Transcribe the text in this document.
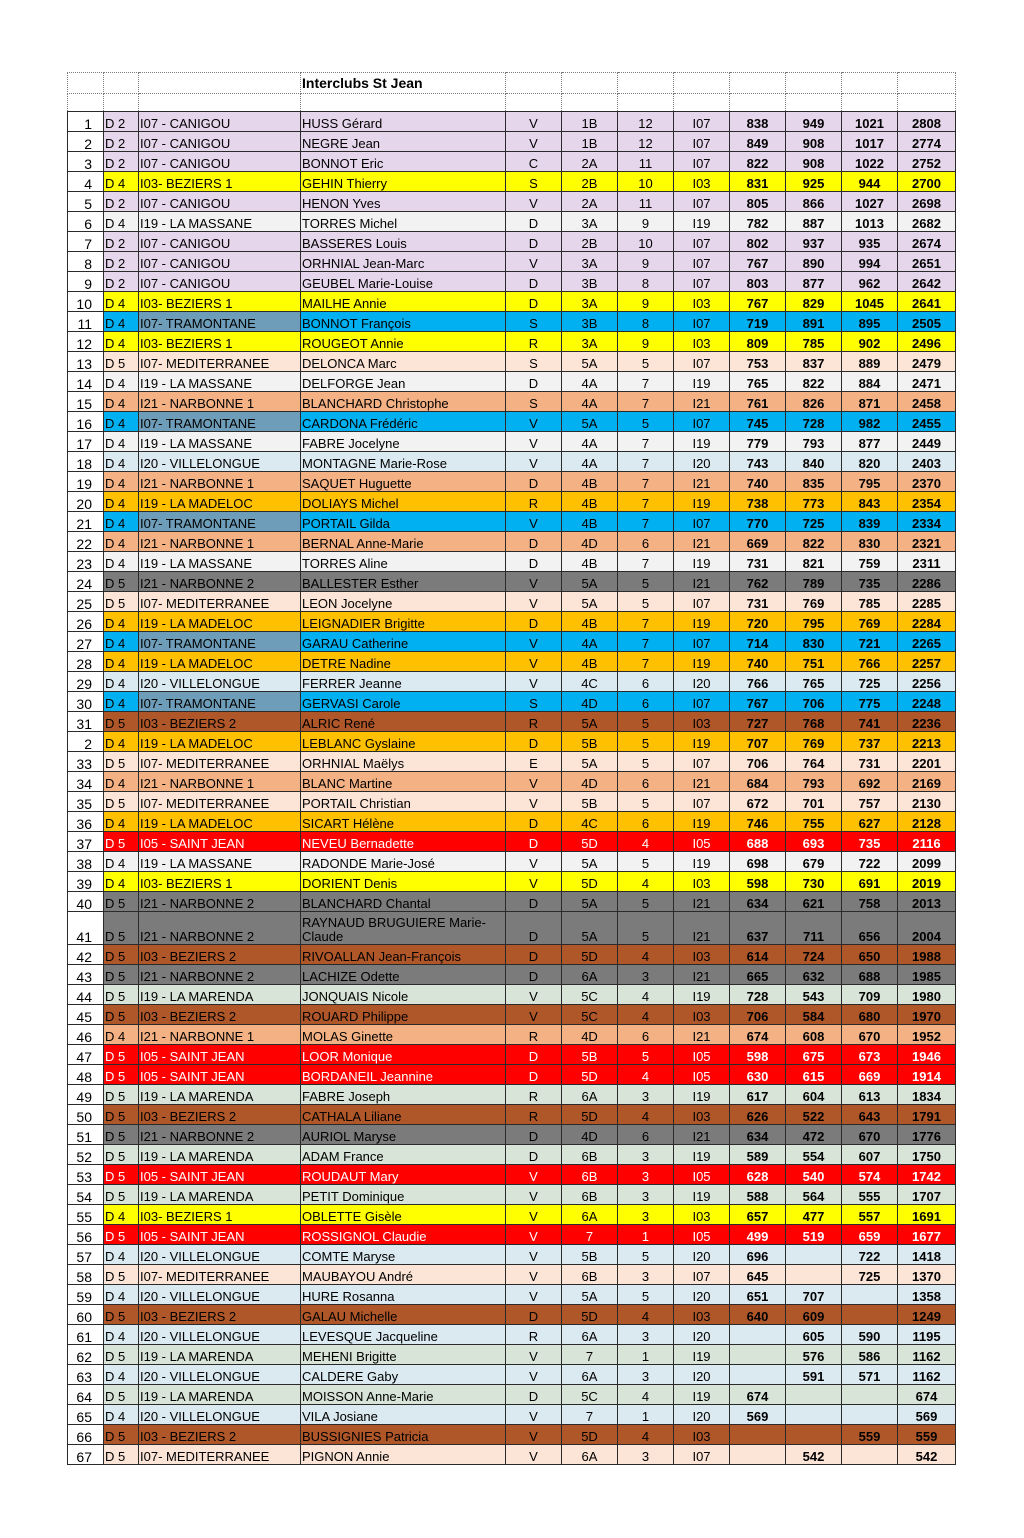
			Interclubs St Jean								

1	D 2	I07 - CANIGOU	HUSS Gérard	V	1B	12	I07	838	949	1021	2808
2	D 2	I07 - CANIGOU	NEGRE Jean	V	1B	12	I07	849	908	1017	2774
3	D 2	I07 - CANIGOU	BONNOT Eric	C	2A	11	I07	822	908	1022	2752
4	D 4	I03- BEZIERS 1	GEHIN Thierry	S	2B	10	I03	831	925	944	2700
5	D 2	I07 - CANIGOU	HENON Yves	V	2A	11	I07	805	866	1027	2698
6	D 4	I19 - LA MASSANE	TORRES Michel	D	3A	9	I19	782	887	1013	2682
7	D 2	I07 - CANIGOU	BASSERES Louis	D	2B	10	I07	802	937	935	2674
8	D 2	I07 - CANIGOU	ORHNIAL Jean-Marc	V	3A	9	I07	767	890	994	2651
9	D 2	I07 - CANIGOU	GEUBEL Marie-Louise	D	3B	8	I07	803	877	962	2642
10	D 4	I03- BEZIERS 1	MAILHE Annie	D	3A	9	I03	767	829	1045	2641
11	D 4	I07- TRAMONTANE	BONNOT François	S	3B	8	I07	719	891	895	2505
12	D 4	I03- BEZIERS 1	ROUGEOT Annie	R	3A	9	I03	809	785	902	2496
13	D 5	I07- MEDITERRANEE	DELONCA Marc	S	5A	5	I07	753	837	889	2479
14	D 4	I19 - LA MASSANE	DELFORGE Jean	D	4A	7	I19	765	822	884	2471
15	D 4	I21 - NARBONNE 1	BLANCHARD Christophe	S	4A	7	I21	761	826	871	2458
16	D 4	I07- TRAMONTANE	CARDONA Frédéric	V	5A	5	I07	745	728	982	2455
17	D 4	I19 - LA MASSANE	FABRE Jocelyne	V	4A	7	I19	779	793	877	2449
18	D 4	I20 - VILLELONGUE	MONTAGNE Marie-Rose	V	4A	7	I20	743	840	820	2403
19	D 4	I21 - NARBONNE 1	SAQUET Huguette	D	4B	7	I21	740	835	795	2370
20	D 4	I19 - LA MADELOC	DOLIAYS Michel	R	4B	7	I19	738	773	843	2354
21	D 4	I07- TRAMONTANE	PORTAIL Gilda	V	4B	7	I07	770	725	839	2334
22	D 4	I21 - NARBONNE 1	BERNAL Anne-Marie	D	4D	6	I21	669	822	830	2321
23	D 4	I19 - LA MASSANE	TORRES Aline	D	4B	7	I19	731	821	759	2311
24	D 5	I21 - NARBONNE 2	BALLESTER Esther	V	5A	5	I21	762	789	735	2286
25	D 5	I07- MEDITERRANEE	LEON Jocelyne	V	5A	5	I07	731	769	785	2285
26	D 4	I19 - LA MADELOC	LEIGNADIER Brigitte	D	4B	7	I19	720	795	769	2284
27	D 4	I07- TRAMONTANE	GARAU Catherine	V	4A	7	I07	714	830	721	2265
28	D 4	I19 - LA MADELOC	DETRE Nadine	V	4B	7	I19	740	751	766	2257
29	D 4	I20 - VILLELONGUE	FERRER Jeanne	V	4C	6	I20	766	765	725	2256
30	D 4	I07- TRAMONTANE	GERVASI Carole	S	4D	6	I07	767	706	775	2248
31	D 5	I03 - BEZIERS 2	ALRIC René	R	5A	5	I03	727	768	741	2236
2	D 4	I19 - LA MADELOC	LEBLANC Gyslaine	D	5B	5	I19	707	769	737	2213
33	D 5	I07- MEDITERRANEE	ORHNIAL Maëlys	E	5A	5	I07	706	764	731	2201
34	D 4	I21 - NARBONNE 1	BLANC Martine	V	4D	6	I21	684	793	692	2169
35	D 5	I07- MEDITERRANEE	PORTAIL Christian	V	5B	5	I07	672	701	757	2130
36	D 4	I19 - LA MADELOC	SICART Hélène	D	4C	6	I19	746	755	627	2128
37	D 5	I05 - SAINT JEAN	NEVEU Bernadette	D	5D	4	I05	688	693	735	2116
38	D 4	I19 - LA MASSANE	RADONDE Marie-José	V	5A	5	I19	698	679	722	2099
39	D 4	I03- BEZIERS 1	DORIENT Denis	V	5D	4	I03	598	730	691	2019
40	D 5	I21 - NARBONNE 2	BLANCHARD Chantal	D	5A	5	I21	634	621	758	2013
41	D 5	I21 - NARBONNE 2	RAYNAUD BRUGUIERE Marie-Claude	D	5A	5	I21	637	711	656	2004
42	D 5	I03 - BEZIERS 2	RIVOALLAN Jean-François	D	5D	4	I03	614	724	650	1988
43	D 5	I21 - NARBONNE 2	LACHIZE Odette	D	6A	3	I21	665	632	688	1985
44	D 5	I19 - LA MARENDA	JONQUAIS Nicole	V	5C	4	I19	728	543	709	1980
45	D 5	I03 - BEZIERS 2	ROUARD Philippe	V	5C	4	I03	706	584	680	1970
46	D 4	I21 - NARBONNE 1	MOLAS Ginette	R	4D	6	I21	674	608	670	1952
47	D 5	I05 - SAINT JEAN	LOOR Monique	D	5B	5	I05	598	675	673	1946
48	D 5	I05 - SAINT JEAN	BORDANEIL Jeannine	D	5D	4	I05	630	615	669	1914
49	D 5	I19 - LA MARENDA	FABRE Joseph	R	6A	3	I19	617	604	613	1834
50	D 5	I03 - BEZIERS 2	CATHALA Liliane	R	5D	4	I03	626	522	643	1791
51	D 5	I21 - NARBONNE 2	AURIOL Maryse	D	4D	6	I21	634	472	670	1776
52	D 5	I19 - LA MARENDA	ADAM France	D	6B	3	I19	589	554	607	1750
53	D 5	I05 - SAINT JEAN	ROUDAUT Mary	V	6B	3	I05	628	540	574	1742
54	D 5	I19 - LA MARENDA	PETIT Dominique	V	6B	3	I19	588	564	555	1707
55	D 4	I03- BEZIERS 1	OBLETTE Gisèle	V	6A	3	I03	657	477	557	1691
56	D 5	I05 - SAINT JEAN	ROSSIGNOL Claudie	V	7	1	I05	499	519	659	1677
57	D 4	I20 - VILLELONGUE	COMTE Maryse	V	5B	5	I20	696		722	1418
58	D 5	I07- MEDITERRANEE	MAUBAYOU André	V	6B	3	I07	645		725	1370
59	D 4	I20 - VILLELONGUE	HURE Rosanna	V	5A	5	I20	651	707		1358
60	D 5	I03 - BEZIERS 2	GALAU Michelle	D	5D	4	I03	640	609		1249
61	D 4	I20 - VILLELONGUE	LEVESQUE Jacqueline	R	6A	3	I20		605	590	1195
62	D 5	I19 - LA MARENDA	MEHENI Brigitte	V	7	1	I19		576	586	1162
63	D 4	I20 - VILLELONGUE	CALDERE Gaby	V	6A	3	I20		591	571	1162
64	D 5	I19 - LA MARENDA	MOISSON Anne-Marie	D	5C	4	I19	674			674
65	D 4	I20 - VILLELONGUE	VILA Josiane	V	7	1	I20	569			569
66	D 5	I03 - BEZIERS 2	BUSSIGNIES Patricia	V	5D	4	I03			559	559
67	D 5	I07- MEDITERRANEE	PIGNON Annie	V	6A	3	I07		542		542
